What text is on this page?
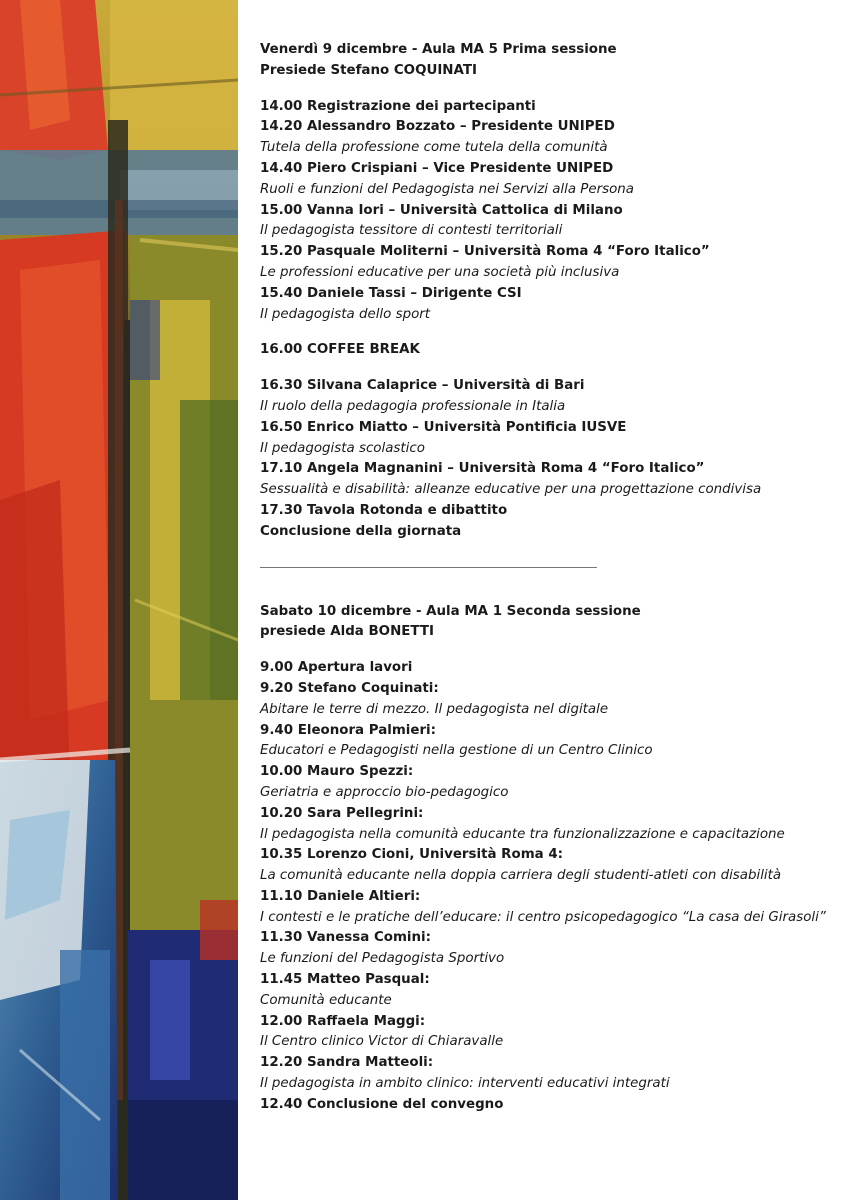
Venerdì 9 dicembre - Aula MA 5 Prima sessione
Presiede Stefano COQUINATI
14.00 Registrazione dei partecipanti
14.20 Alessandro Bozzato – Presidente UNIPED
Tutela della professione come tutela della comunità
14.40 Piero Crispiani – Vice Presidente UNIPED
Ruoli e funzioni del Pedagogista nei Servizi alla Persona
15.00 Vanna Iori – Università Cattolica di Milano
Il pedagogista tessitore di contesti territoriali
15.20 Pasquale Moliterni – Università Roma 4 “Foro Italico”
Le professioni educative per una società più inclusiva
15.40 Daniele Tassi – Dirigente CSI
Il pedagogista dello sport
16.00 COFFEE BREAK
16.30 Silvana Calaprice – Università di Bari
Il ruolo della pedagogia professionale in Italia
16.50 Enrico Miatto – Università Pontificia IUSVE
Il pedagogista scolastico
17.10 Angela Magnanini – Università Roma 4 “Foro Italico”
Sessualità e disabilità: alleanze educative per una progettazione condivisa
17.30 Tavola Rotonda e dibattito
Conclusione della giornata
Sabato 10 dicembre - Aula MA 1 Seconda sessione
presiede Alda BONETTI
9.00 Apertura lavori
9.20 Stefano Coquinati:
Abitare le terre di mezzo. Il pedagogista nel digitale
9.40 Eleonora Palmieri:
Educatori e Pedagogisti nella gestione di un Centro Clinico
10.00 Mauro Spezzi:
Geriatria e approccio bio-pedagogico
10.20 Sara Pellegrini:
Il pedagogista nella comunità educante tra funzionalizzazione e capacitazione
10.35 Lorenzo Cioni, Università Roma 4:
La comunità educante nella doppia carriera degli studenti-atleti con disabilità
11.10 Daniele Altieri:
I contesti e le pratiche dell’educare: il centro psicopedagogico “La casa dei Girasoli”
11.30 Vanessa Comini:
Le funzioni del Pedagogista Sportivo
11.45 Matteo Pasqual:
Comunità educante
12.00 Raffaela Maggi:
Il Centro clinico Victor di Chiaravalle
12.20 Sandra Matteoli:
Il pedagogista in ambito clinico: interventi educativi integrati
12.40 Conclusione del convegno
